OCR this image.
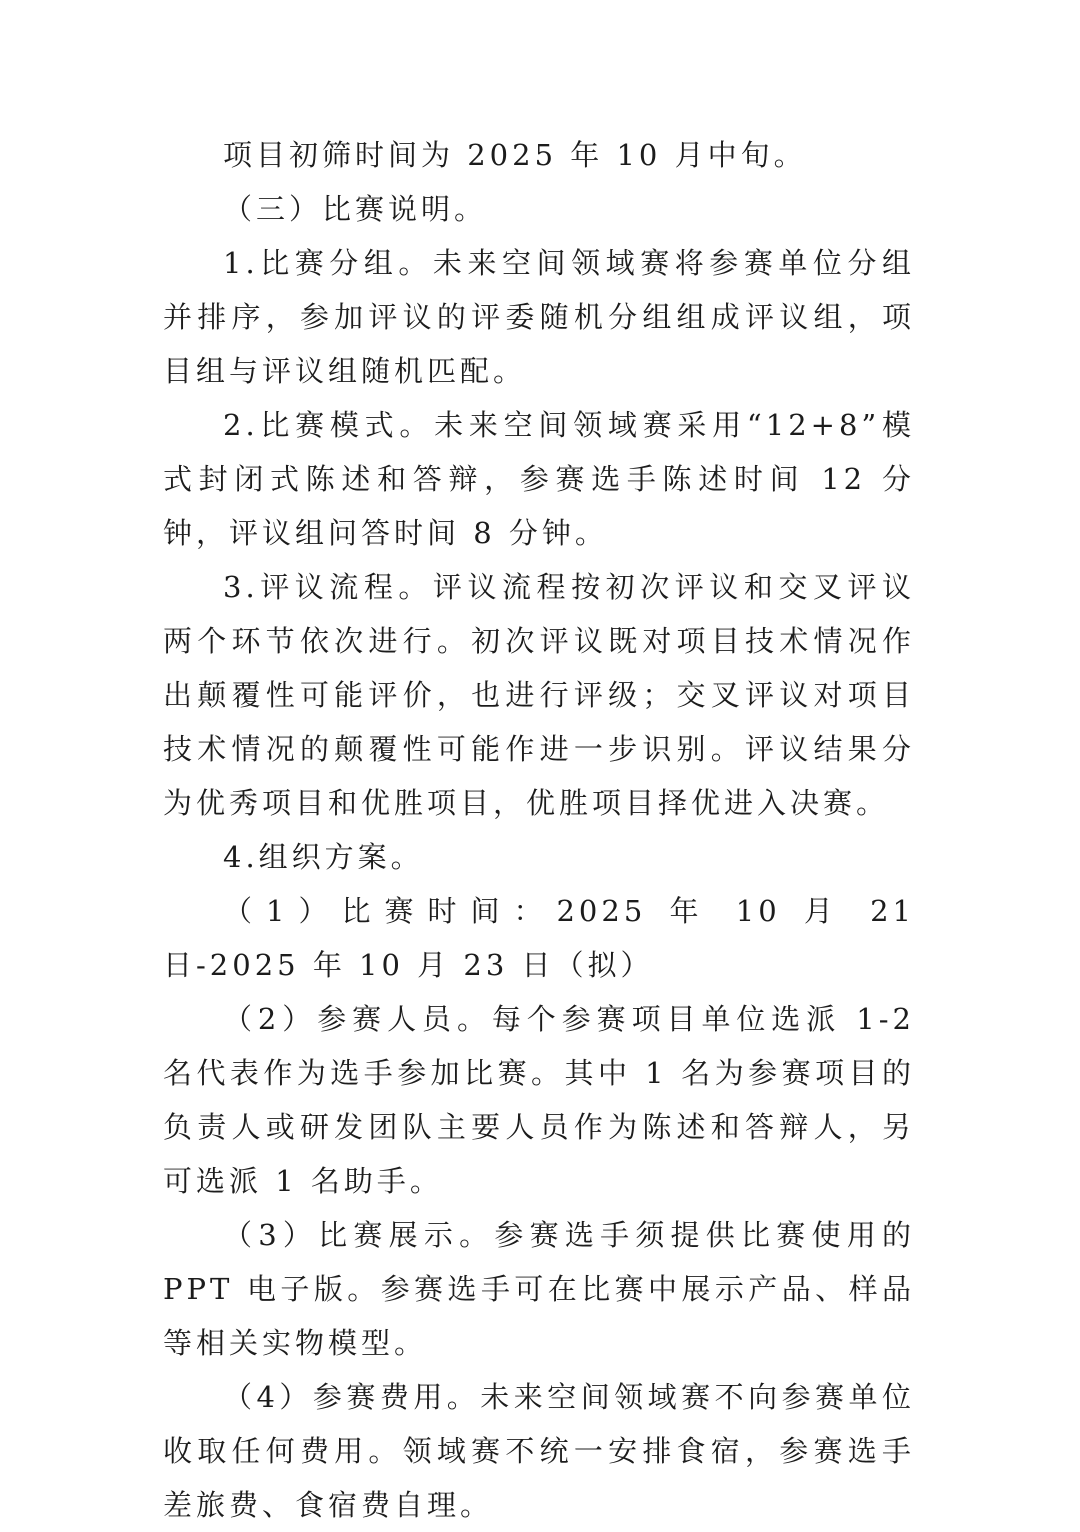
项目初筛时间为 2025 年 10 月中旬。

（三）比赛说明。

1.比赛分组。未来空间领域赛将参赛单位分组并排序，参加评议的评委随机分组组成评议组，项目组与评议组随机匹配。

2.比赛模式。未来空间领域赛采用“12+8”模式封闭式陈述和答辩，参赛选手陈述时间 12 分钟，评议组问答时间 8 分钟。

3.评议流程。评议流程按初次评议和交叉评议两个环节依次进行。初次评议既对项目技术情况作出颠覆性可能评价，也进行评级；交叉评议对项目技术情况的颠覆性可能作进一步识别。评议结果分为优秀项目和优胜项目，优胜项目择优进入决赛。

4.组织方案。

（1）比赛时间：2025 年 10 月 21 日-2025 年 10 月 23 日（拟）

（2）参赛人员。每个参赛项目单位选派 1-2 名代表作为选手参加比赛。其中 1 名为参赛项目的负责人或研发团队主要人员作为陈述和答辩人，另可选派 1 名助手。

（3）比赛展示。参赛选手须提供比赛使用的 PPT 电子版。参赛选手可在比赛中展示产品、样品等相关实物模型。

（4）参赛费用。未来空间领域赛不向参赛单位收取任何费用。领域赛不统一安排食宿，参赛选手差旅费、食宿费自理。
